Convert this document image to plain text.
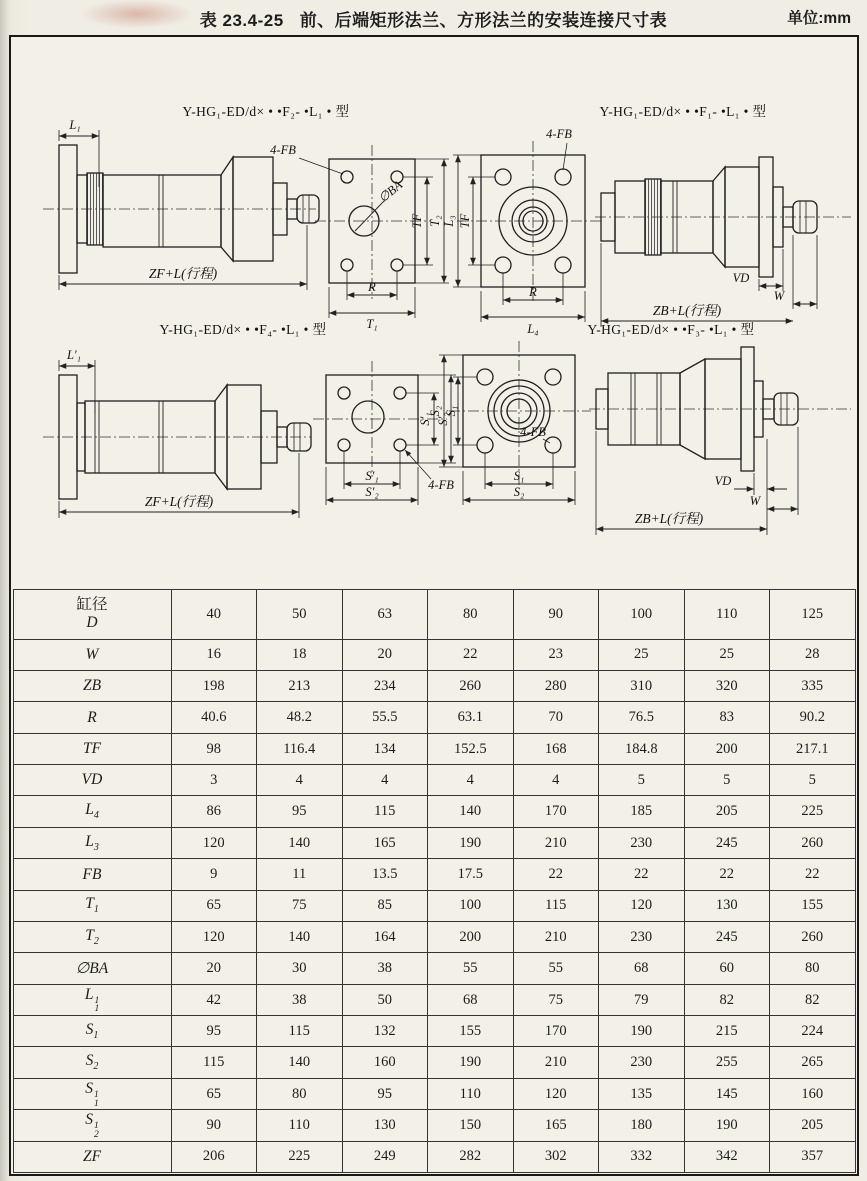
表 23.4-25 前、后端矩形法兰、方形法兰的安装连接尺寸表	单位:mm
Y-HG₁-ED/d× • •F₂- •L₁ • 型
L₁
ZF+L(行程)
∅BA
4-FB
TF T₂
R
T₁
Y-HG₁-ED/d× • •F₁- •L₁ • 型
4-FB
L₃ TF
R
L₄
VD
W
ZB+L(行程)
Y-HG₁-ED/d× • •F₄- •L₁ • 型
L′₁
ZF+L(行程)
S′₁ S′₂
S′₁
S′₂	4-FB
Y-HG₁-ED/d× • •F₃- •L₁ • 型
4-FB
S₂ S₁
S₁
S₂
VD
W
ZB+L(行程)
缸径
D	40	50	63	80	90	100	110	125
W	16	18	20	22	23	25	25	28
ZB	198	213	234	260	280	310	320	335
R	40.6	48.2	55.5	63.1	70	76.5	83	90.2
TF	98	116.4	134	152.5	168	184.8	200	217.1
VD	3	4	4	4	4	5	5	5
$L_4$	86	95	115	140	170	185	205	225
$L_3$	120	140	165	190	210	230	245	260
FB	9	11	13.5	17.5	22	22	22	22
$T_1$	65	75	85	100	115	120	130	155
$T_2$	120	140	164	200	210	230	245	260
∅BA	20	30	38	55	55	68	60	80
L 1
1	42	38	50	68	75	79	82	82
$S_1$	95	115	132	155	170	190	215	224
$S_2$	115	140	160	190	210	230	255	265
S 1
1	65	80	95	110	120	135	145	160
S 1
2	90	110	130	150	165	180	190	205
ZF	206	225	249	282	302	332	342	357
